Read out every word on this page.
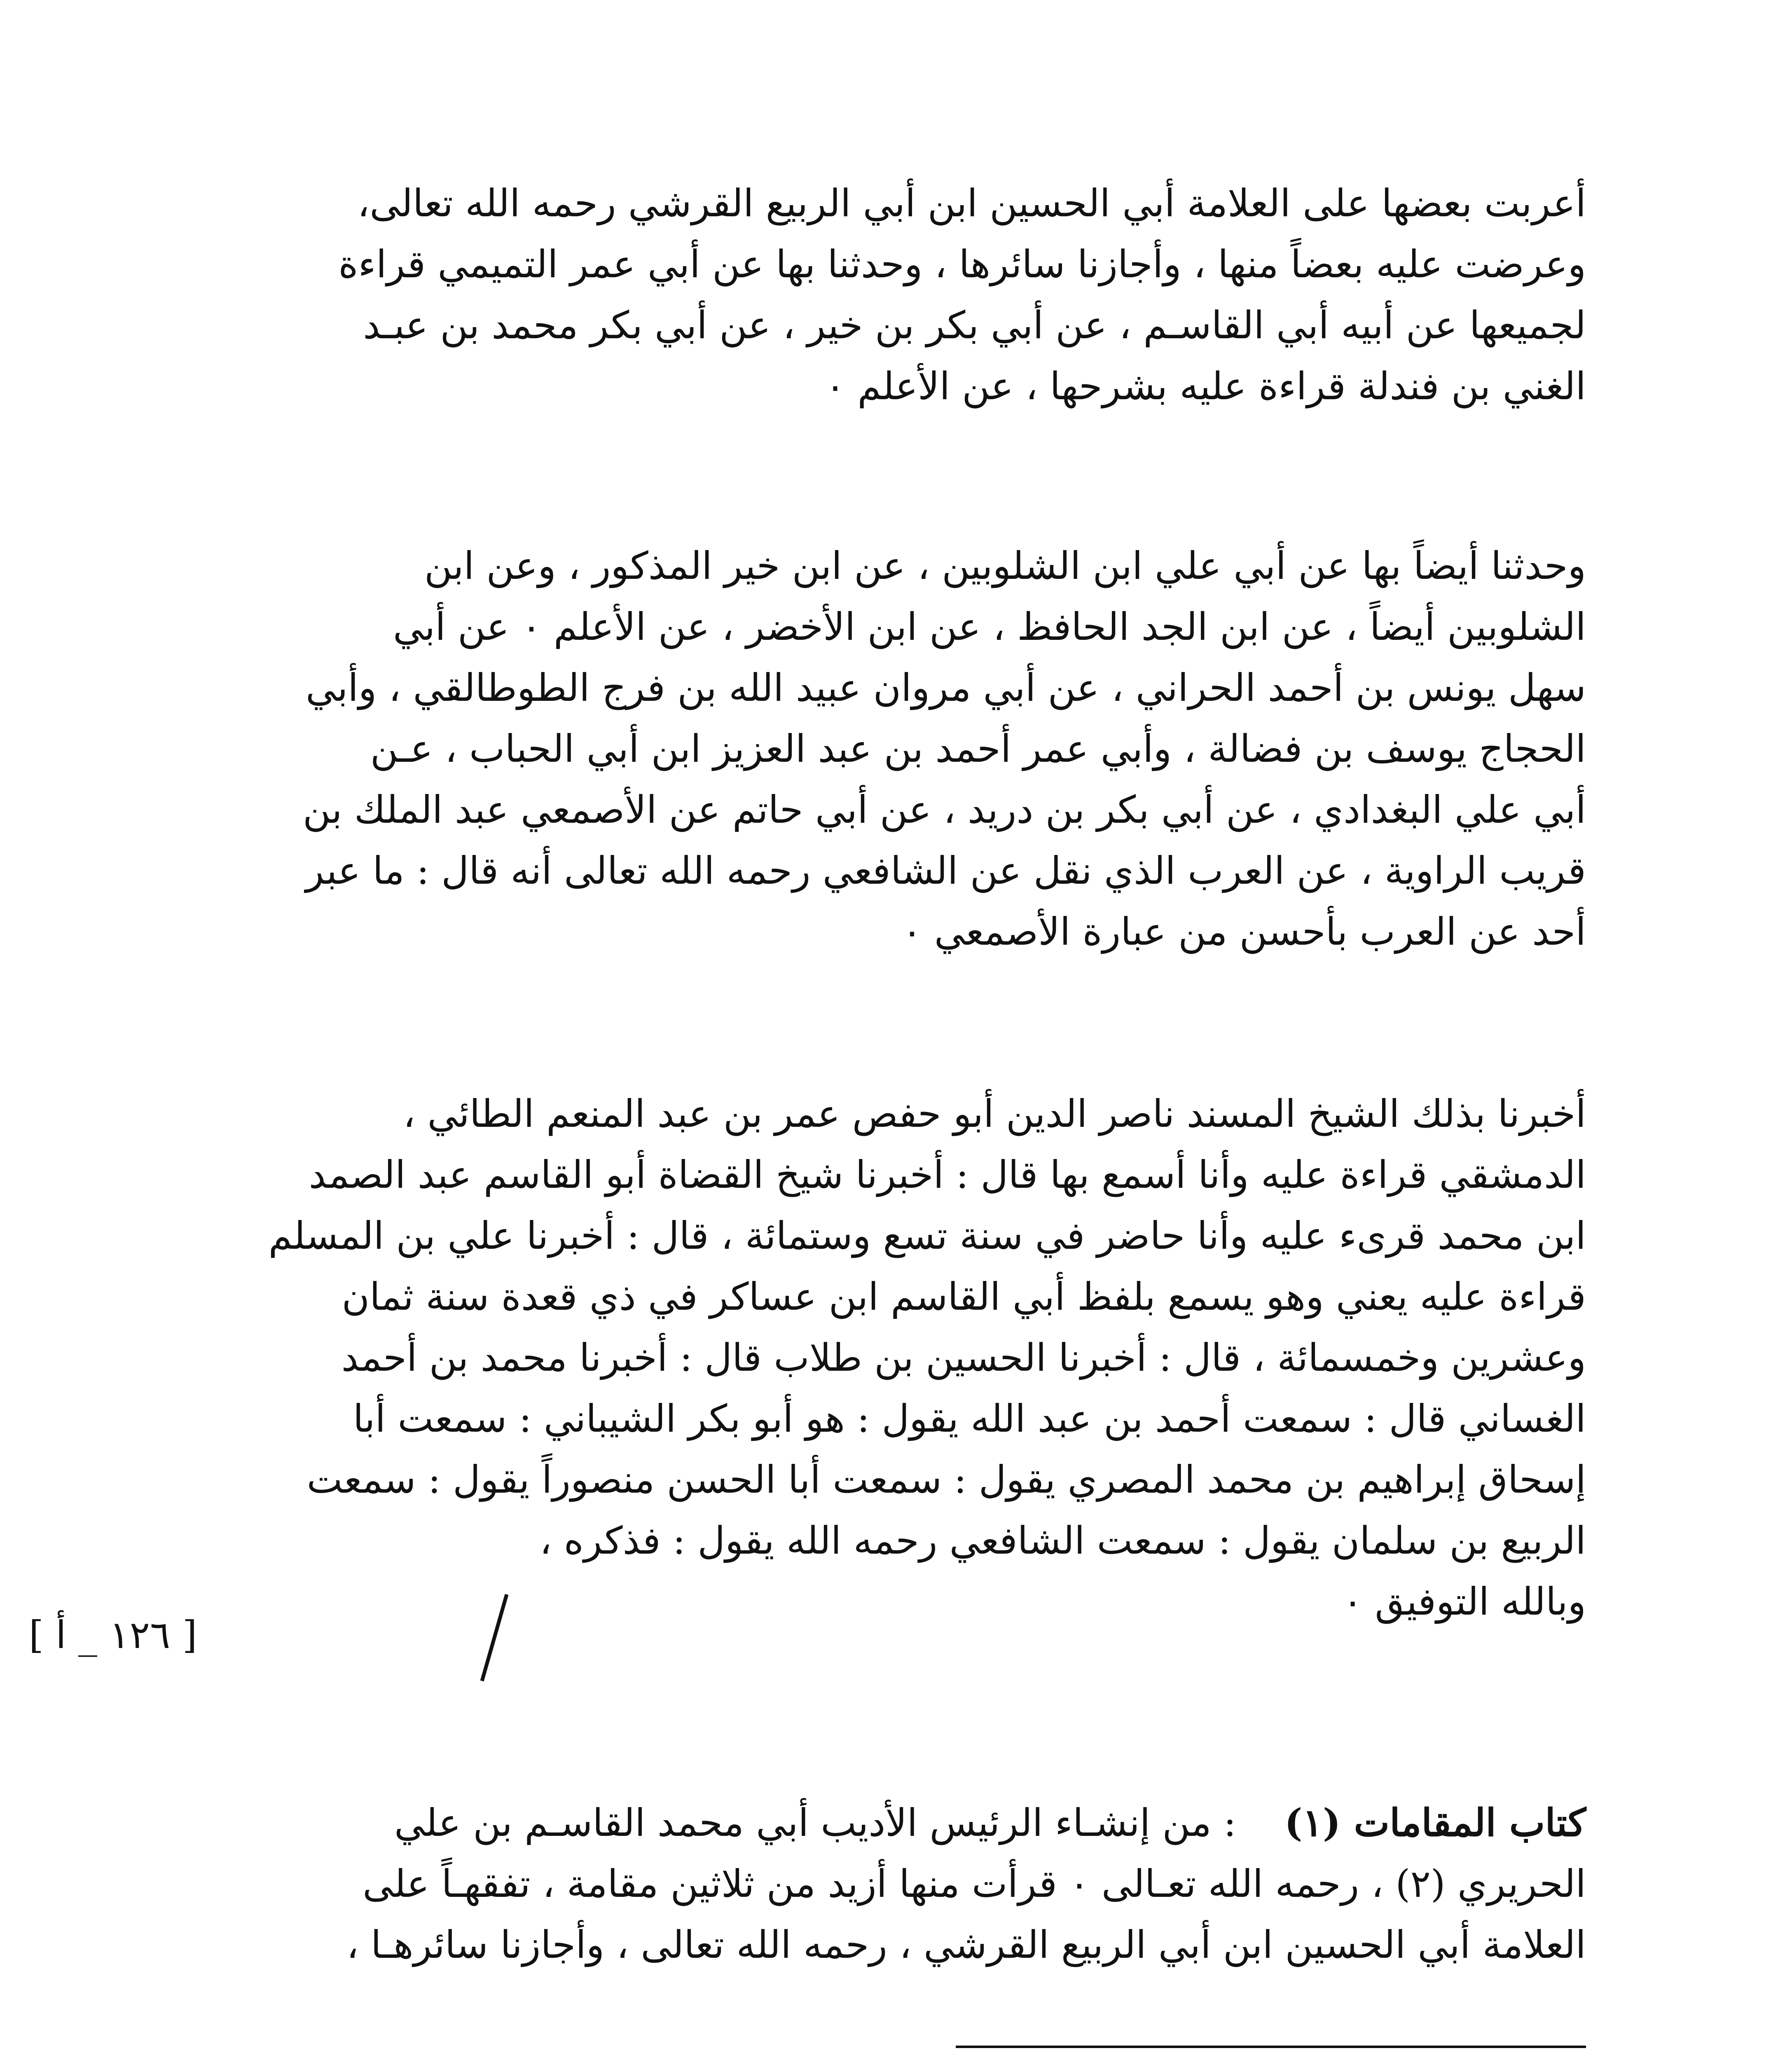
أعربت بعضها على العلامة أبي الحسين ابن أبي الربيع القرشي رحمه الله تعالى،
وعرضت عليه بعضاً منها ، وأجازنا سائرها ، وحدثنا بها عن أبي عمر التميمي قراءة
لجميعها عن أبيه أبي القاسـم ، عن أبي بكر بن خير ، عن أبي بكر محمد بن عبـد
الغني بن فندلة قراءة عليه بشرحها ، عن الأعلم ٠
وحدثنا أيضاً بها عن أبي علي ابن الشلوبين ، عن ابن خير المذكور ، وعن ابن
الشلوبين أيضاً ، عن ابن الجد الحافظ ، عن ابن الأخضر ، عن الأعلم ٠ عن أبي
سهل يونس بن أحمد الحراني ، عن أبي مروان عبيد الله بن فرج الطوطالقي ، وأبي
الحجاج يوسف بن فضالة ، وأبي عمر أحمد بن عبد العزيز ابن أبي الحباب ، عـن
أبي علي البغدادي ، عن أبي بكر بن دريد ، عن أبي حاتم عن الأصمعي عبد الملك بن
قريب الراوية ، عن العرب الذي نقل عن الشافعي رحمه الله تعالى أنه قال : ما عبر
أحد عن العرب بأحسن من عبارة الأصمعي ٠
أخبرنا بذلك الشيخ المسند ناصر الدين أبو حفص عمر بن عبد المنعم الطائي ،
الدمشقي قراءة عليه وأنا أسمع بها قال : أخبرنا شيخ القضاة أبو القاسم عبد الصمد
ابن محمد قرىء عليه وأنا حاضر في سنة تسع وستمائة ، قال : أخبرنا علي بن المسلم
قراءة عليه يعني وهو يسمع بلفظ أبي القاسم ابن عساكر في ذي قعدة سنة ثمان
وعشرين وخمسمائة ، قال : أخبرنا الحسين بن طلاب قال : أخبرنا محمد بن أحمد
الغساني قال : سمعت أحمد بن عبد الله يقول : هو أبو بكر الشيباني : سمعت أبا
إسحاق إبراهيم بن محمد المصري يقول : سمعت أبا الحسن منصوراً يقول : سمعت
الربيع بن سلمان يقول : سمعت الشافعي رحمه الله يقول : فذكره ،
وبالله التوفيق ٠
[ ١٢٦ _ أ ]
كتاب المقامات (١)    : من إنشـاء الرئيس الأديب أبي محمد القاسـم بن علي
الحريري (٢) ، رحمه الله تعـالى ٠ قرأت منها أزيد من ثلاثين مقامة ، تفقهـاً على
العلامة أبي الحسين ابن أبي الربيع القرشي ، رحمه الله تعالى ، وأجازنا سائرهـا ،
